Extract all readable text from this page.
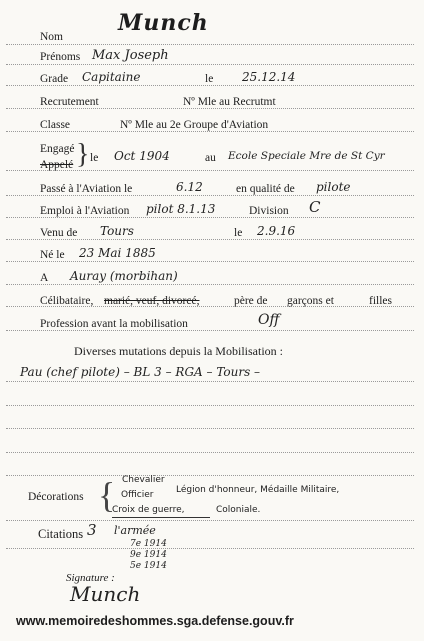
Nom
Munch
Prénoms Max Joseph
Grade Capitaine	le 25.12.14
Recrutement	Nº Mle au Recrutmt
Classe	Nº Mle au 2e Groupe d'Aviation
Engagé
Appelé } le Oct 1904	au Ecole Speciale Mre de St Cyr
Passé à l'Aviation le	6.12	en qualité de pilote
Emploi à l'Aviation pilot 8.1.13	Division C
Venu de Tours	le 2.9.16
Né le 23 Mai 1885
A Auray (morbihan)
Célibataire, marié, veuf, divorcé,	père de garçons et	filles
Profession avant la mobilisation	Off
Diverses mutations depuis la Mobilisation :
Pau (chef pilote) – BL 3 – RGA – Tours –
Décorations { Chevalier
Officier
Croix de guerre,
Légion d'honneur, Médaille Militaire,
Coloniale.
Citations 3 l'armée
7e 1914
9e 1914
5e 1914
Signature :
Munch
www.memoiredeshommes.sga.defense.gouv.fr
